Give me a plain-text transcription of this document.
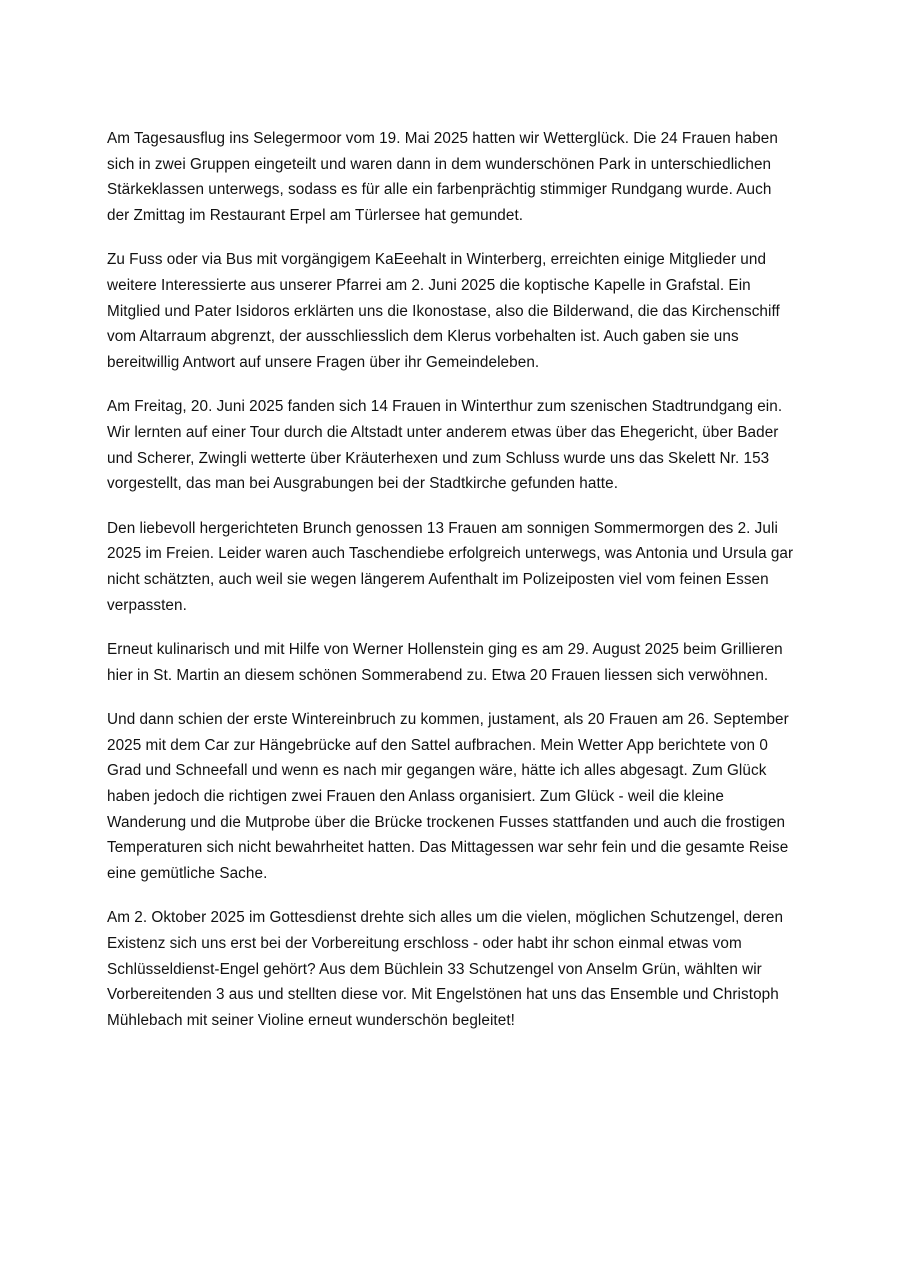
Am Tagesausflug ins Selegermoor vom 19. Mai 2025 hatten wir Wetterglück. Die 24 Frauen haben sich in zwei Gruppen eingeteilt und waren dann in dem wunderschönen Park in unterschiedlichen Stärkeklassen unterwegs, sodass es für alle ein farbenprächtig stimmiger Rundgang wurde. Auch der Zmittag im Restaurant Erpel am Türlersee hat gemundet.

Zu Fuss oder via Bus mit vorgängigem KaEeehalt in Winterberg, erreichten einige Mitglieder und weitere Interessierte aus unserer Pfarrei am 2. Juni 2025 die koptische Kapelle in Grafstal. Ein Mitglied und Pater Isidoros erklärten uns die Ikonostase, also die Bilderwand, die das Kirchenschiff vom Altarraum abgrenzt, der ausschliesslich dem Klerus vorbehalten ist. Auch gaben sie uns bereitwillig Antwort auf unsere Fragen über ihr Gemeindeleben.

Am Freitag, 20. Juni 2025 fanden sich 14 Frauen in Winterthur zum szenischen Stadtrundgang ein. Wir lernten auf einer Tour durch die Altstadt unter anderem etwas über das Ehegericht, über Bader und Scherer, Zwingli wetterte über Kräuterhexen und zum Schluss wurde uns das Skelett Nr. 153 vorgestellt, das man bei Ausgrabungen bei der Stadtkirche gefunden hatte.

Den liebevoll hergerichteten Brunch genossen 13 Frauen am sonnigen Sommermorgen des 2. Juli 2025 im Freien. Leider waren auch Taschendiebe erfolgreich unterwegs, was Antonia und Ursula gar nicht schätzten, auch weil sie wegen längerem Aufenthalt im Polizeiposten viel vom feinen Essen verpassten.

Erneut kulinarisch und mit Hilfe von Werner Hollenstein ging es am 29. August 2025 beim Grillieren hier in St. Martin an diesem schönen Sommerabend zu. Etwa 20 Frauen liessen sich verwöhnen.

Und dann schien der erste Wintereinbruch zu kommen, justament, als 20 Frauen am 26. September 2025 mit dem Car zur Hängebrücke auf den Sattel aufbrachen. Mein Wetter App berichtete von 0 Grad und Schneefall und wenn es nach mir gegangen wäre, hätte ich alles abgesagt. Zum Glück haben jedoch die richtigen zwei Frauen den Anlass organisiert. Zum Glück - weil die kleine Wanderung und die Mutprobe über die Brücke trockenen Fusses stattfanden und auch die frostigen Temperaturen sich nicht bewahrheitet hatten. Das Mittagessen war sehr fein und die gesamte Reise eine gemütliche Sache.

Am 2. Oktober 2025 im Gottesdienst drehte sich alles um die vielen, möglichen Schutzengel, deren Existenz sich uns erst bei der Vorbereitung erschloss - oder habt ihr schon einmal etwas vom Schlüsseldienst-Engel gehört? Aus dem Büchlein 33 Schutzengel von Anselm Grün, wählten wir Vorbereitenden 3 aus und stellten diese vor. Mit Engelstönen hat uns das Ensemble und Christoph Mühlebach mit seiner Violine erneut wunderschön begleitet!
